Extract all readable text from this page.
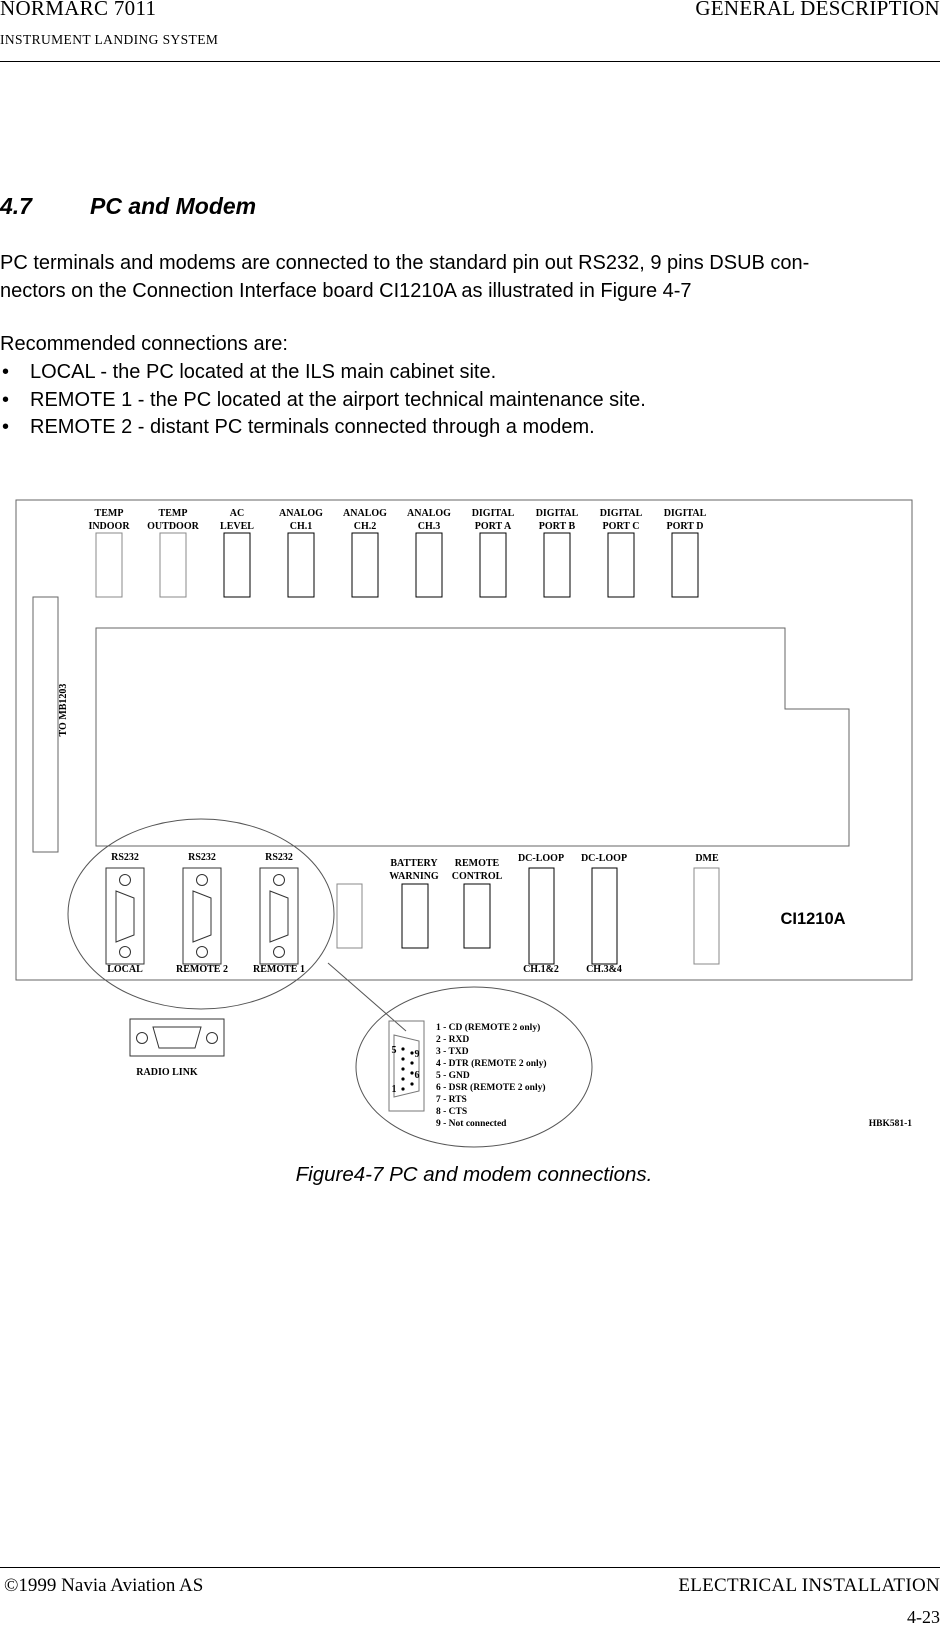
NORMARC 7011
INSTRUMENT LANDING SYSTEM
GENERAL DESCRIPTION
4.7	PC and Modem
PC terminals and modems are connected to the standard pin out RS232, 9 pins DSUB con-
nectors on the Connection Interface board CI1210A as illustrated in Figure 4-7
Recommended connections are:
• LOCAL - the PC located at the ILS main cabinet site.
• REMOTE 1 - the PC located at the airport technical maintenance site.
• REMOTE 2 - distant PC terminals connected through a modem.
TO MB1203
TEMP
INDOOR
TEMP
OUTDOOR
AC
LEVEL
ANALOG
CH.1
ANALOG
CH.2
ANALOG
CH.3
DIGITAL
PORT A
DIGITAL
PORT B
DIGITAL
PORT C
DIGITAL
PORT D
RS232	RS232	RS232
LOCAL	REMOTE 2	REMOTE 1
BATTERY
WARNING
REMOTE
CONTROL
DC-LOOP DC-LOOP
CH.1&2	CH.3&4
DME
CI1210A
RADIO LINK
5 9
6
1
1 - CD (REMOTE 2 only)
2 - RXD
3 - TXD
4 - DTR (REMOTE 2 only)
5 - GND
6 - DSR (REMOTE 2 only)
7 - RTS
8 - CTS
9 - Not connected	HBK581-1
Figure4-7 PC and modem connections.
©1999 Navia Aviation AS	ELECTRICAL INSTALLATION
4-23
